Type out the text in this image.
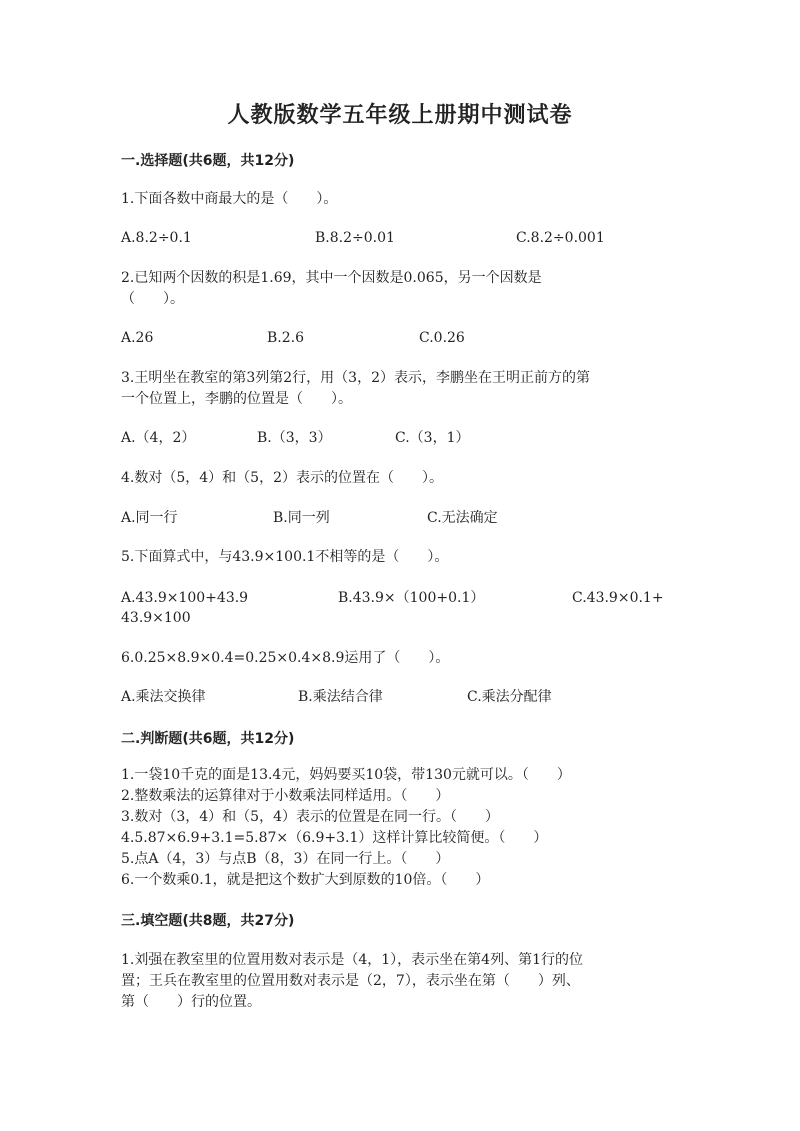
人教版数学五年级上册期中测试卷
一.选择题(共6题，共12分)
1.下面各数中商最大的是（　　）。
A.8.2÷0.1	B.8.2÷0.01	C.8.2÷0.001
2.已知两个因数的积是1.69，其中一个因数是0.065，另一个因数是
（　　）。
A.26	B.2.6	C.0.26
3.王明坐在教室的第3列第2行，用（3，2）表示，李鹏坐在王明正前方的第
一个位置上，李鹏的位置是（　　）。
A.（4，2）	B.（3，3）	C.（3，1）
4.数对（5，4）和（5，2）表示的位置在（　　）。
A.同一行	B.同一列	C.无法确定
5.下面算式中，与43.9×100.1不相等的是（　　）。
A.43.9×100+43.9	B.43.9×（100+0.1）	C.43.9×0.1+
43.9×100
6.0.25×8.9×0.4=0.25×0.4×8.9运用了（　　）。
A.乘法交换律	B.乘法结合律	C.乘法分配律
二.判断题(共6题，共12分)
1.一袋10千克的面是13.4元，妈妈要买10袋，带130元就可以。（　　）
2.整数乘法的运算律对于小数乘法同样适用。（　　）
3.数对（3，4）和（5，4）表示的位置是在同一行。（　　）
4.5.87×6.9+3.1=5.87×（6.9+3.1）这样计算比较简便。（　　）
5.点A（4，3）与点B（8，3）在同一行上。（　　）
6.一个数乘0.1，就是把这个数扩大到原数的10倍。（　　）
三.填空题(共8题，共27分)
1.刘强在教室里的位置用数对表示是（4，1），表示坐在第4列、第1行的位
置；王兵在教室里的位置用数对表示是（2，7），表示坐在第（　　）列、
第（　　）行的位置。
